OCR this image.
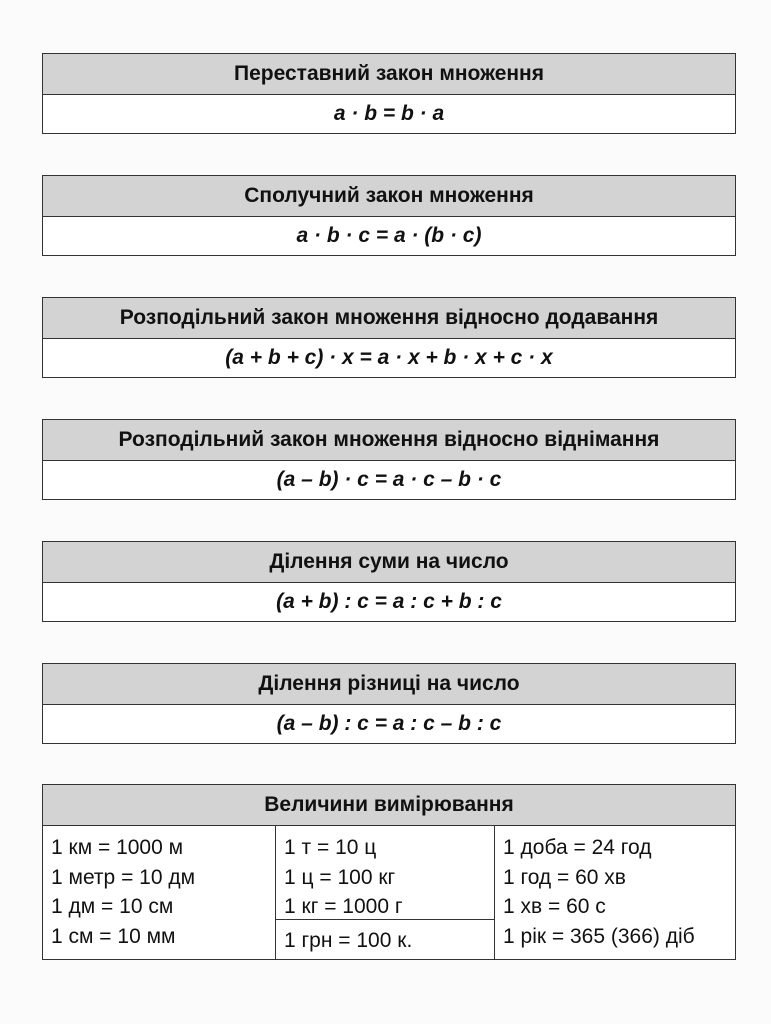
Переставний закон множення
a · b = b · a
Сполучний закон множення
a · b · c = a · (b · c)
Розподільний закон множення відносно додавання
(a + b + c) · x = a · x + b · x + c · x
Розподільний закон множення відносно віднімання
(a – b) · c = a · c – b · c
Ділення суми на число
(a + b) : c = a : c + b : c
Ділення різниці на число
(a – b) : c = a : c – b : c
Величини вимірювання
1 км = 1000 м
1 метр = 10 дм
1 дм = 10 см
1 см = 10 мм
1 т = 10 ц
1 ц = 100 кг
1 кг = 1000 г
1 грн = 100 к.
1 доба = 24 год
1 год = 60 хв
1 хв = 60 с
1 рік = 365 (366) діб
